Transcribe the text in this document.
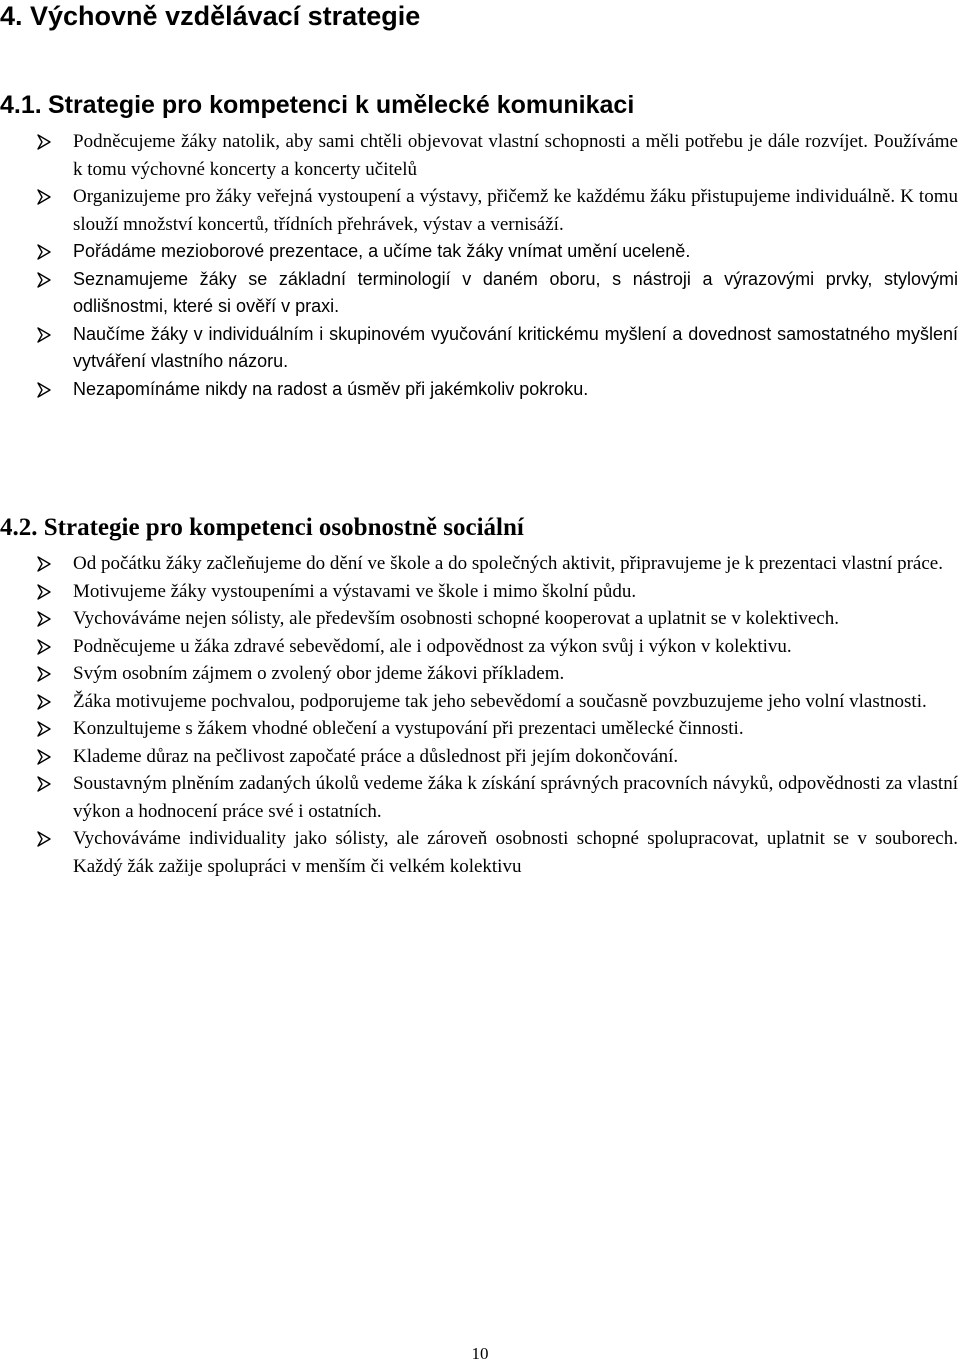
4. Výchovně vzdělávací strategie
4.1. Strategie pro kompetenci k umělecké komunikaci
Podněcujeme žáky natolik, aby sami chtěli objevovat vlastní schopnosti a měli potřebu je dále rozvíjet. Používáme k tomu výchovné koncerty a koncerty učitelů
Organizujeme pro žáky veřejná vystoupení a výstavy, přičemž ke každému žáku přistupujeme individuálně. K tomu slouží množství koncertů, třídních přehrávek, výstav a vernisáží.
Pořádáme mezioborové prezentace, a učíme tak žáky vnímat umění uceleně.
Seznamujeme žáky se základní terminologií v daném oboru, s nástroji a výrazovými prvky, stylovými odlišnostmi, které si ověří v praxi.
Naučíme žáky v individuálním i skupinovém vyučování kritickému myšlení a dovednost samostatného myšlení vytváření vlastního názoru.
Nezapomínáme nikdy na radost a úsměv při jakémkoliv pokroku.
4.2. Strategie pro kompetenci osobnostně sociální
Od počátku žáky začleňujeme do dění ve škole a do společných aktivit, připravujeme je k prezentaci vlastní práce.
Motivujeme žáky vystoupeními a výstavami ve škole i mimo školní půdu.
Vychováváme nejen sólisty, ale především osobnosti schopné kooperovat a uplatnit se v kolektivech.
Podněcujeme u žáka zdravé sebevědomí, ale i odpovědnost za výkon svůj i výkon v kolektivu.
Svým osobním zájmem o zvolený obor jdeme žákovi příkladem.
Žáka motivujeme pochvalou, podporujeme tak jeho sebevědomí a současně povzbuzujeme jeho volní vlastnosti.
Konzultujeme s žákem vhodné oblečení a vystupování při prezentaci umělecké činnosti.
Klademe důraz na pečlivost započaté práce a důslednost při jejím dokončování.
Soustavným plněním zadaných úkolů vedeme žáka k získání správných pracovních návyků, odpovědnosti za vlastní výkon a hodnocení práce své i ostatních.
Vychováváme individuality jako sólisty, ale zároveň osobnosti schopné spolupracovat, uplatnit se v souborech. Každý žák zažije spolupráci v menším či velkém kolektivu
10
